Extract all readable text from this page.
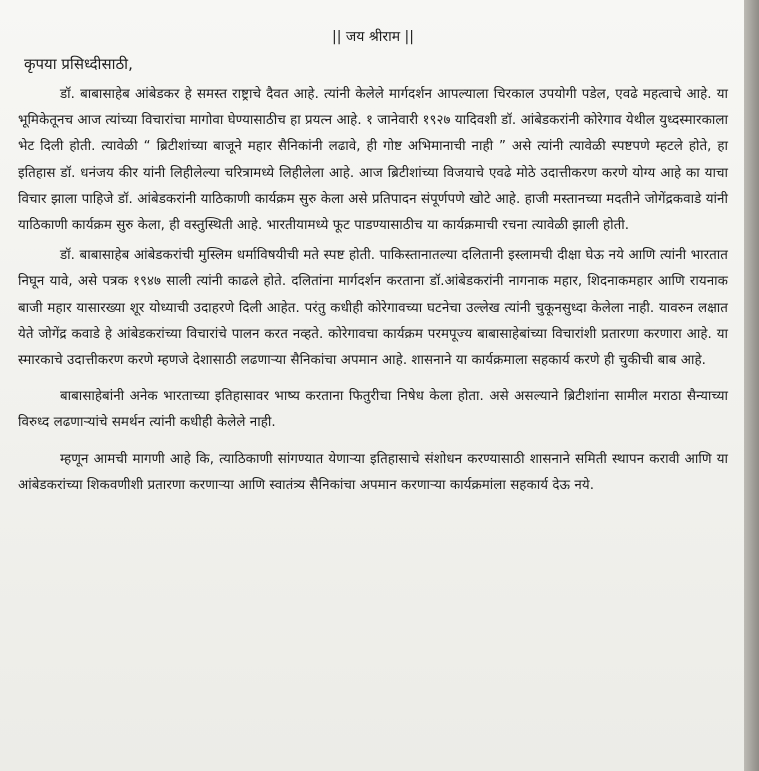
|| जय श्रीराम ||
कृपया प्रसिध्दीसाठी,

डॉ. बाबासाहेब आंबेडकर हे समस्त राष्ट्राचे दैवत आहे. त्यांनी केलेले मार्गदर्शन आपल्याला चिरकाल उपयोगी पडेल, एवढे महत्वाचे आहे. या भूमिकेतूनच आज त्यांच्या विचारांचा मागोवा घेण्यासाठीच हा प्रयत्न आहे. १ जानेवारी १९२७ यादिवशी डॉ. आंबेडकरांनी कोरेगाव येथील युध्दस्मारकाला भेट दिली होती. त्यावेळी “ ब्रिटीशांच्या बाजूने महार सैनिकांनी लढावे, ही गोष्ट अभिमानाची नाही ” असे त्यांनी त्यावेळी स्पष्टपणे म्हटले होते, हा इतिहास डॉ. धनंजय कीर यांनी लिहीलेल्या चरित्रामध्ये लिहीलेला आहे. आज ब्रिटीशांच्या विजयाचे एवढे मोठे उदात्तीकरण करणे योग्य आहे का याचा विचार झाला पाहिजे डॉ. आंबेडकरांनी याठिकाणी कार्यक्रम सुरु केला असे प्रतिपादन संपूर्णपणे खोटे आहे. हाजी मस्तानच्या मदतीने जोगेंद्रकवाडे यांनी याठिकाणी कार्यक्रम सुरु केला, ही वस्तुस्थिती आहे. भारतीयामध्ये फूट पाडण्यासाठीच या कार्यक्रमाची रचना त्यावेळी झाली होती.

डॉ. बाबासाहेब आंबेडकरांची मुस्लिम धर्माविषयीची मते स्पष्ट होती. पाकिस्तानातल्या दलितानी इस्लामची दीक्षा घेऊ नये आणि त्यांनी भारतात निघून यावे, असे पत्रक १९४७ साली त्यांनी काढले होते. दलितांना मार्गदर्शन करताना डॉ.आंबेडकरांनी नागनाक महार, शिदनाकमहार आणि रायनाक बाजी महार यासारख्या शूर योध्याची उदाहरणे दिली आहेत. परंतु कधीही कोरेगावच्या घटनेचा उल्लेख त्यांनी चुकूनसुध्दा केलेला नाही. यावरुन लक्षात येते जोगेंद्र कवाडे हे आंबेडकरांच्या विचारांचे पालन करत नव्हते. कोरेगावचा कार्यक्रम परमपूज्य बाबासाहेबांच्या विचारांशी प्रतारणा करणारा आहे. या स्मारकाचे उदात्तीकरण करणे म्हणजे देशासाठी लढणाऱ्या सैनिकांचा अपमान आहे. शासनाने या कार्यक्रमाला सहकार्य करणे ही चुकीची बाब आहे.

बाबासाहेबांनी अनेक भारताच्या इतिहासावर भाष्य करताना फितुरीचा निषेध केला होता. असे असल्याने ब्रिटीशांना सामील मराठा सैन्याच्या विरुध्द लढणाऱ्यांचे समर्थन त्यांनी कधीही केलेले नाही.

म्हणून आमची मागणी आहे कि, त्याठिकाणी सांगण्यात येणाऱ्या इतिहासाचे संशोधन करण्यासाठी शासनाने समिती स्थापन करावी आणि या आंबेडकरांच्या शिकवणीशी प्रतारणा करणाऱ्या आणि स्वातंत्र्य सैनिकांचा अपमान करणाऱ्या कार्यक्रमांला सहकार्य देऊ नये.
